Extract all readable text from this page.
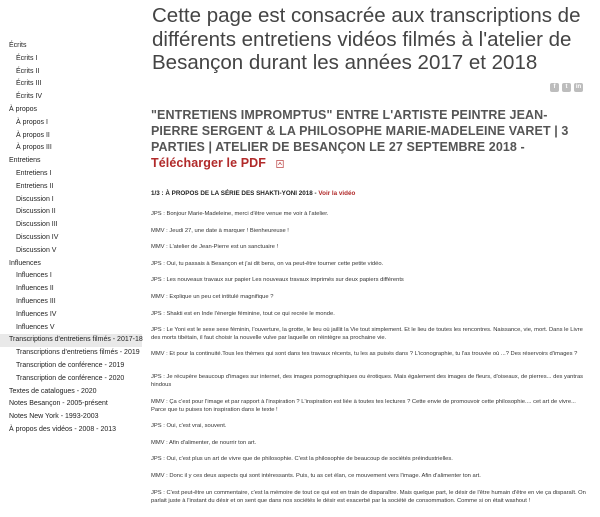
Écrits
Écrits I
Écrits II
Écrits III
Écrits IV
À propos
À propos I
À propos II
À propos III
Entretiens
Entretiens I
Entretiens II
Discussion I
Discussion II
Discussion III
Discussion IV
Discussion V
Influences
Influences I
Influences II
Influences III
Influences IV
Influences V
Transcriptions d'entretiens filmés - 2017-18
Transcriptions d'entretiens filmés - 2019
Transcription de conférence - 2019
Transcription de conférence - 2020
Textes de catalogues - 2020
Notes Besançon - 2005-présent
Notes New York - 1993-2003
À propos des vidéos - 2008 - 2013
Cette page est consacrée aux transcriptions de différents entretiens vidéos filmés à l'atelier de Besançon durant les années 2017 et 2018
f	t	in
"ENTRETIENS IMPROMPTUS" ENTRE L'ARTISTE PEINTRE JEAN-PIERRE SERGENT & LA PHILOSOPHE MARIE-MADELEINE VARET | 3 PARTIES | ATELIER DE BESANÇON LE 27 SEPTEMBRE 2018 - Télécharger le PDF

1/3 : À PROPOS DE LA SÉRIE DES SHAKTI-YONI 2018 - Voir la vidéo

JPS : Bonjour Marie-Madeleine, merci d'être venue me voir à l'atelier.

MMV : Jeudi 27, une date à marquer ! Bienheureuse !

MMV : L'atelier de Jean-Pierre est un sanctuaire !

JPS : Oui, tu passais à Besançon et j'ai dit bens, on va peut-être tourner cette petite vidéo.

JPS : Les nouveaux travaux sur papier Les nouveaux travaux imprimés sur deux papiers différents

MMV : Explique un peu cet intitulé magnifique ?

JPS : Shakti est en Inde l'énergie féminine, tout ce qui recrée le monde.

JPS : Le Yoni est le sexe sexe féminin, l'ouverture, la grotte, le lieu où jaillit la Vie tout simplement. Et le lieu de toutes les rencontres. Naissance, vie, mort. Dans le Livre des morts tibétain, il faut choisir la nouvelle vulve par laquelle on réintègre sa prochaine vie.

MMV : Et pour la continuité.Tous les thèmes qui sont dans tes travaux récents, tu les as puisés dans ? L'iconographie, tu l'as trouvée où ...? Des réservoirs d'images ?

JPS : Je récupère beaucoup d'images sur internet, des images pornographiques ou érotiques. Mais également des images de fleurs, d'oiseaux, de pierres... des yantras hindous

MMV : Ça c'est pour l'image et par rapport à l'inspiration ? L'inspiration est liée à toutes tes lectures ? Cette envie de promouvoir cette philosophie.... cet art de vivre... Parce que tu puises ton inspiration dans le texte !

JPS : Oui, c'est vrai, souvent.

MMV : Afin d'alimenter, de nourrir ton art.

JPS : Oui, c'est plus un art de vivre que de philosophie. C'est la philosophie de beaucoup de sociétés préindustrielles.

MMV : Donc il y ces deux aspects qui sont intéressants. Puis, tu as cet élan, ce mouvement vers l'image. Afin d'alimenter ton art.

JPS : C'est peut-être un commentaire, c'est la mémoire de tout ce qui est en train de disparaître. Mais quelque part, le désir de l'être humain d'être en vie ça disparaît. On parlait juste à l'instant du désir et on sent que dans nos sociétés le désir est exacerbé par la société de consommation. Comme si on était washout !
